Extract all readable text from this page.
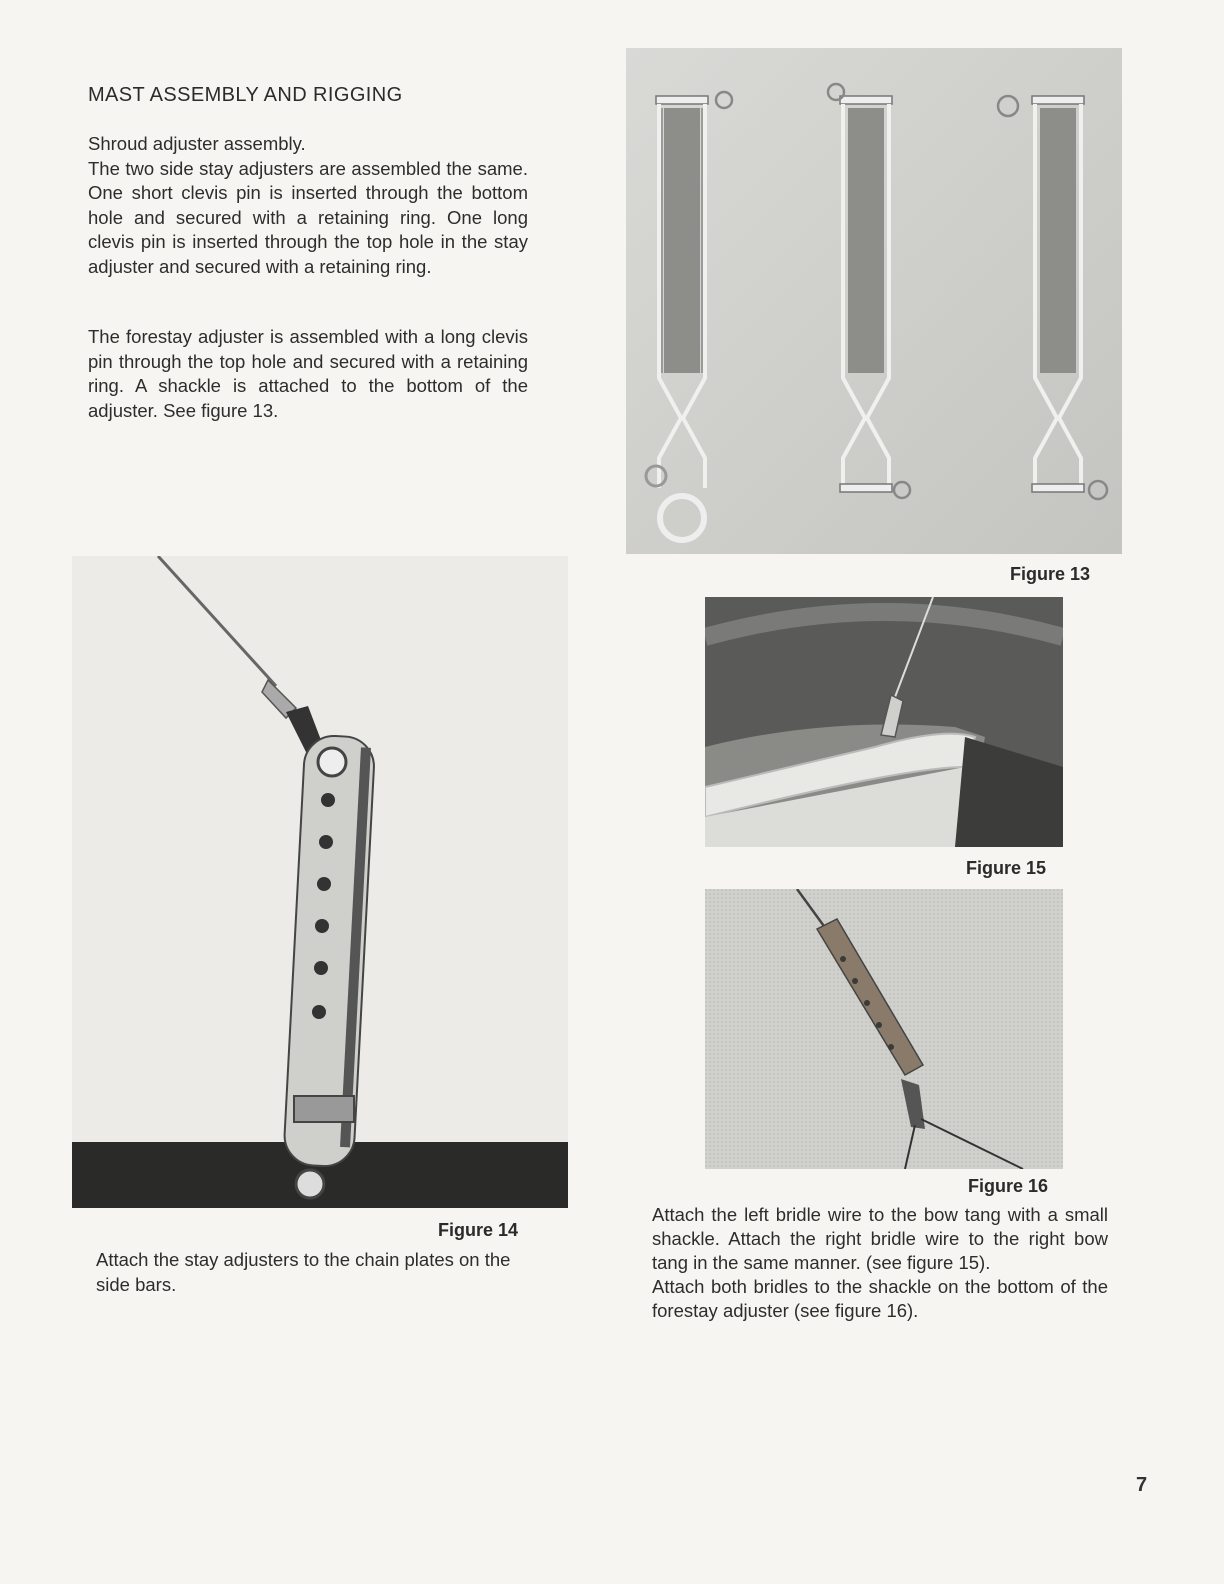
MAST ASSEMBLY AND RIGGING

Shroud adjuster assembly.

The two side stay adjusters are assembled the same. One short clevis pin is inserted through the bottom hole and secured with a retaining ring. One long clevis pin is inserted through the top hole in the stay adjuster and secured with a retaining ring.

The forestay adjuster is assembled with a long clevis pin through the top hole and secured with a retaining ring. A shackle is attached to the bottom of the adjuster. See figure 13.

Figure 13
Figure 14

Attach the stay adjusters to the chain plates on the side bars.

Figure 15
Figure 16

Attach the left bridle wire to the bow tang with a small shackle. Attach the right bridle wire to the right bow tang in the same manner. (see figure 15).

Attach both bridles to the shackle on the bottom of the forestay adjuster (see figure 16).

7
